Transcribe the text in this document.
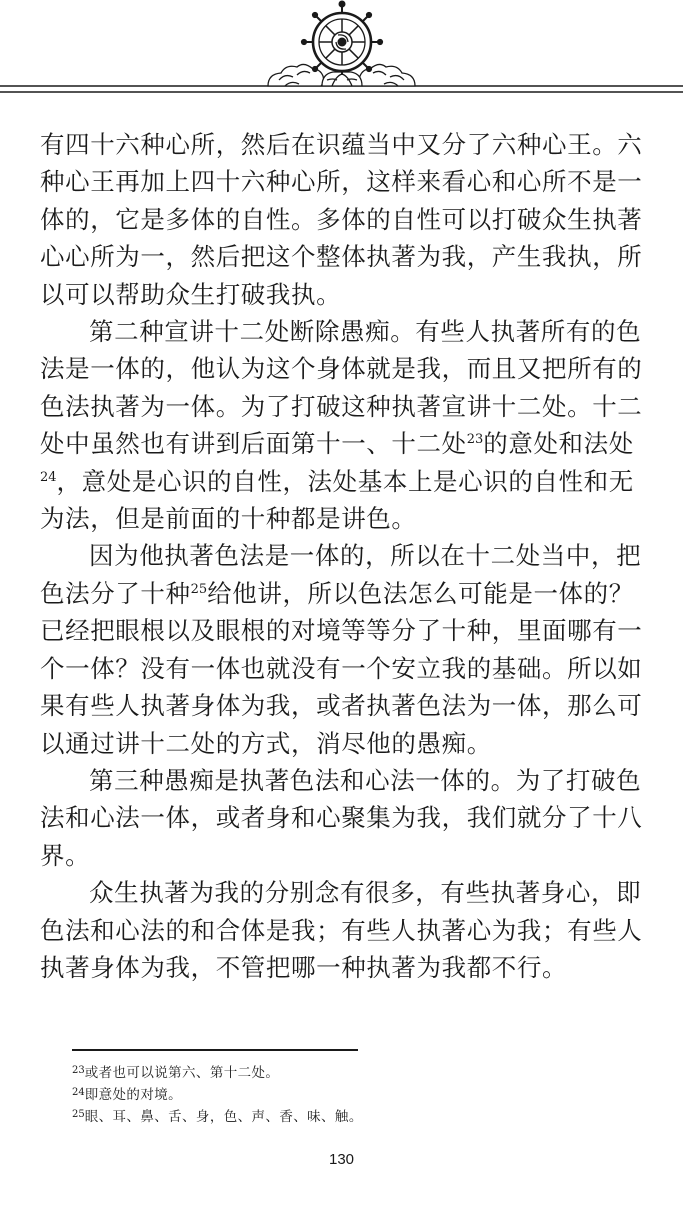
有四十六种心所，然后在识蕴当中又分了六种心王。六种心王再加上四十六种心所，这样来看心和心所不是一体的，它是多体的自性。多体的自性可以打破众生执著心心所为一，然后把这个整体执著为我，产生我执，所以可以帮助众生打破我执。

第二种宣讲十二处断除愚痴。有些人执著所有的色法是一体的，他认为这个身体就是我，而且又把所有的色法执著为一体。为了打破这种执著宣讲十二处。十二处中虽然也有讲到后面第十一、十二处$^{23}$的意处和法处$^{24}$，意处是心识的自性，法处基本上是心识的自性和无为法，但是前面的十种都是讲色。

因为他执著色法是一体的，所以在十二处当中，把色法分了十种$^{25}$给他讲，所以色法怎么可能是一体的？已经把眼根以及眼根的对境等等分了十种，里面哪有一个一体？没有一体也就没有一个安立我的基础。所以如果有些人执著身体为我，或者执著色法为一体，那么可以通过讲十二处的方式，消尽他的愚痴。

第三种愚痴是执著色法和心法一体的。为了打破色法和心法一体，或者身和心聚集为我，我们就分了十八界。

众生执著为我的分别念有很多，有些执著身心，即色法和心法的和合体是我；有些人执著心为我；有些人执著身体为我，不管把哪一种执著为我都不行。

$^{23}$或者也可以说第六、第十二处。

$^{24}$即意处的对境。

$^{25}$眼、耳、鼻、舌、身，色、声、香、味、触。

130
